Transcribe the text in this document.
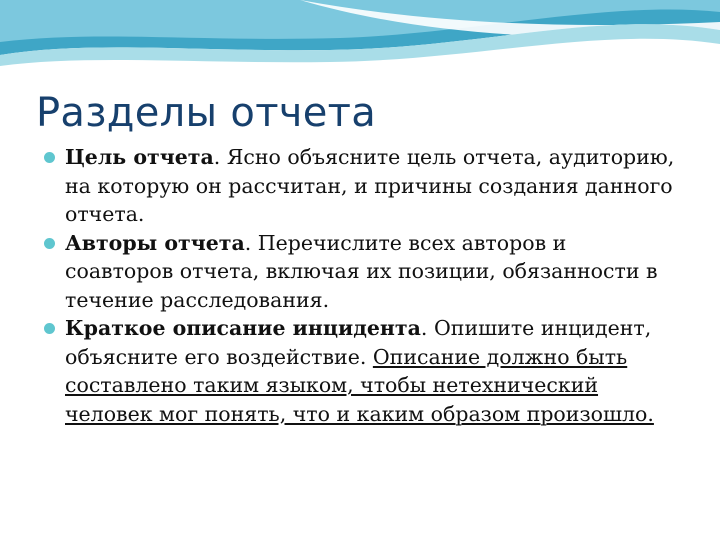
Разделы отчета
Цель отчета. Ясно объясните цель отчета, аудиторию, на которую он рассчитан, и причины создания данного отчета.
Авторы отчета. Перечислите всех авторов и соавторов отчета, включая их позиции, обязанности в течение расследования.
Краткое описание инцидента. Опишите инцидент, объясните его воздействие. Описание должно быть составлено таким языком, чтобы нетехнический человек мог понять, что и каким образом произошло.
